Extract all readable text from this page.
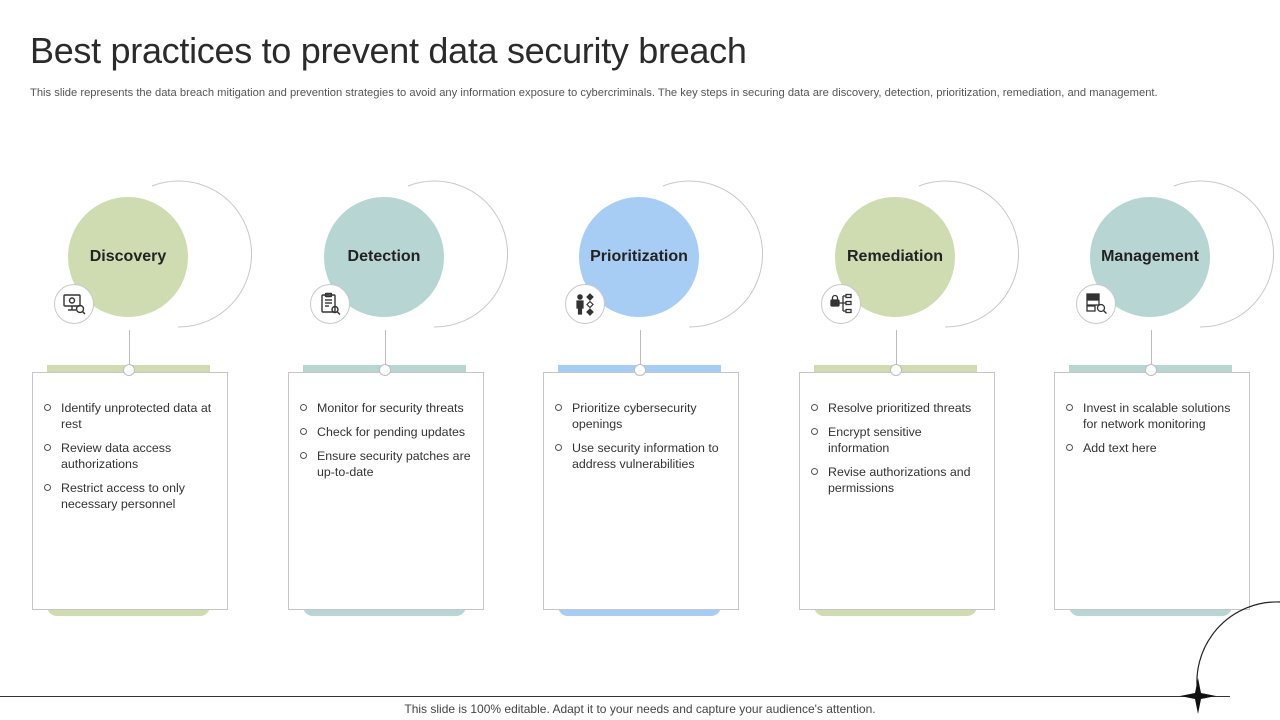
Best practices to prevent data security breach

This slide represents the data breach mitigation and prevention strategies to avoid any information exposure to cybercriminals. The key steps in securing data are discovery, detection, prioritization, remediation, and management.

Discovery
Identify unprotected data at rest
Review data access authorizations
Restrict access to only necessary personnel
Detection
Monitor for security threats
Check for pending updates
Ensure security patches are up-to-date
Prioritization
Prioritize cybersecurity openings
Use security information to address vulnerabilities
Remediation
Resolve prioritized threats
Encrypt sensitive information
Revise authorizations and permissions
Management
Invest in scalable solutions for network monitoring
Add text here
This slide is 100% editable. Adapt it to your needs and capture your audience's attention.
